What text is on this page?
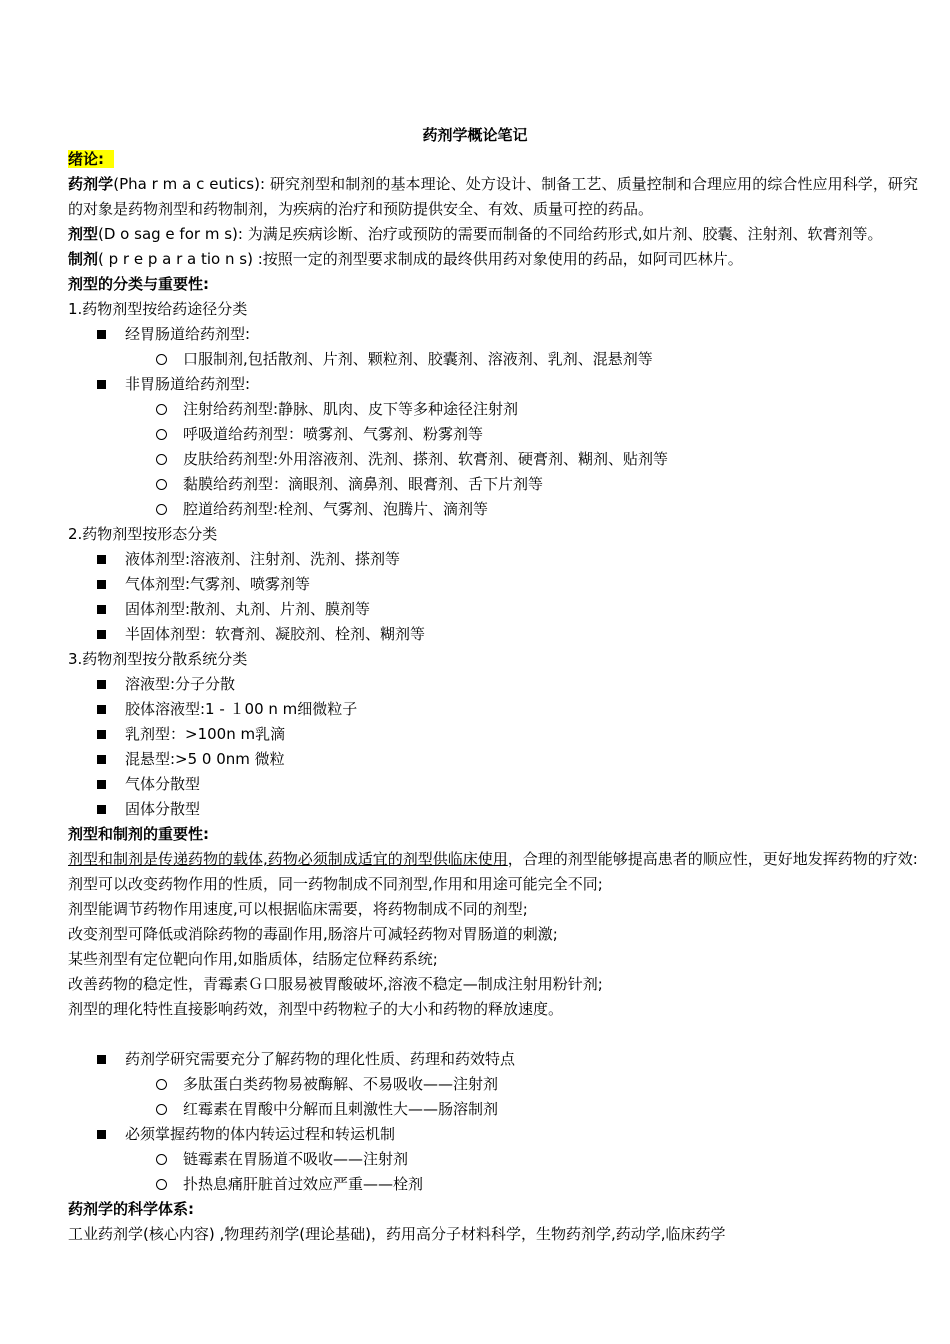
药剂学概论笔记
绪论:
药剂学(Pha r m a c eutics): 研究剂型和制剂的基本理论、处方设计、制备工艺、质量控制和合理应用的综合性应用科学，研究的对象是药物剂型和药物制剂，为疾病的治疗和预防提供安全、有效、质量可控的药品。
剂型(D o sag e for m s): 为满足疾病诊断、治疗或预防的需要而制备的不同给药形式,如片剂、胶囊、注射剂、软膏剂等。
制剂( p r e p a r a tio n s) :按照一定的剂型要求制成的最终供用药对象使用的药品，如阿司匹林片。
剂型的分类与重要性:
1.药物剂型按给药途径分类
经胃肠道给药剂型:
口服制剂,包括散剂、片剂、颗粒剂、胶囊剂、溶液剂、乳剂、混悬剂等
非胃肠道给药剂型:
注射给药剂型:静脉、肌肉、皮下等多种途径注射剂
呼吸道给药剂型：喷雾剂、气雾剂、粉雾剂等
皮肤给药剂型:外用溶液剂、洗剂、搽剂、软膏剂、硬膏剂、糊剂、贴剂等
黏膜给药剂型：滴眼剂、滴鼻剂、眼膏剂、舌下片剂等
腔道给药剂型:栓剂、气雾剂、泡腾片、滴剂等
2.药物剂型按形态分类
液体剂型:溶液剂、注射剂、洗剂、搽剂等
气体剂型:气雾剂、喷雾剂等
固体剂型:散剂、丸剂、片剂、膜剂等
半固体剂型：软膏剂、凝胶剂、栓剂、糊剂等
3.药物剂型按分散系统分类
溶液型:分子分散
胶体溶液型:1 - １00 n m细微粒子
乳剂型：>100n m乳滴
混悬型:>5 0 0nm 微粒
气体分散型
固体分散型
剂型和制剂的重要性:
剂型和制剂是传递药物的载体,药物必须制成适宜的剂型供临床使用，合理的剂型能够提高患者的顺应性，更好地发挥药物的疗效:
剂型可以改变药物作用的性质，同一药物制成不同剂型,作用和用途可能完全不同;
剂型能调节药物作用速度,可以根据临床需要，将药物制成不同的剂型;
改变剂型可降低或消除药物的毒副作用,肠溶片可减轻药物对胃肠道的刺激;
某些剂型有定位靶向作用,如脂质体，结肠定位释药系统;
改善药物的稳定性，青霉素Ｇ口服易被胃酸破坏,溶液不稳定—制成注射用粉针剂;
剂型的理化特性直接影响药效，剂型中药物粒子的大小和药物的释放速度。
药剂学研究需要充分了解药物的理化性质、药理和药效特点
多肽蛋白类药物易被酶解、不易吸收——注射剂
红霉素在胃酸中分解而且刺激性大——肠溶制剂
必须掌握药物的体内转运过程和转运机制
链霉素在胃肠道不吸收——注射剂
扑热息痛肝脏首过效应严重——栓剂
药剂学的科学体系:
工业药剂学(核心内容) ,物理药剂学(理论基础)，药用高分子材料科学，生物药剂学,药动学,临床药学
